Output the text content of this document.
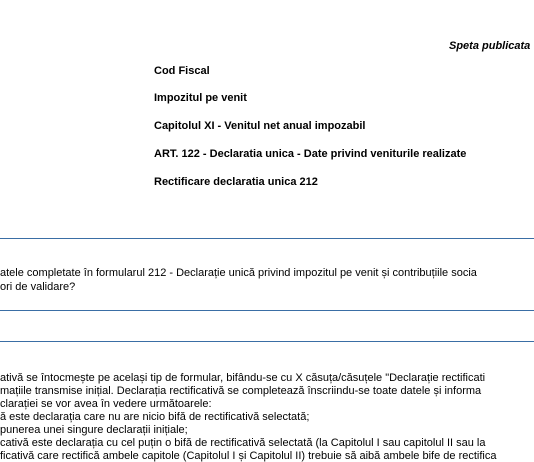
Speta publicata
Cod Fiscal
Impozitul pe venit
Capitolul XI - Venitul net anual impozabil
ART. 122 - Declaratia unica - Date privind veniturile realizate
Rectificare declaratia unica 212
atele completate în formularul 212 - Declarație unică privind impozitul pe venit și contribuțiile socia
ori de validare?
ativă se întocmește pe același tip de formular, bifându-se cu X căsuța/căsuțele "Declarație rectificati
mațiile transmise inițial. Declarația rectificativă se completează înscriindu-se toate datele și informa
clarației se vor avea în vedere următoarele:
ă este declarația care nu are nicio bifă de rectificativă selectată;
punerea unei singure declarații inițiale;
cativă este declarația cu cel puțin o bifă de rectificativă selectată (la Capitolul I sau capitolul II sau la
ficativă care rectifică ambele capitole (Capitolul I și Capitolul II) trebuie să aibă ambele bife de rectifica
